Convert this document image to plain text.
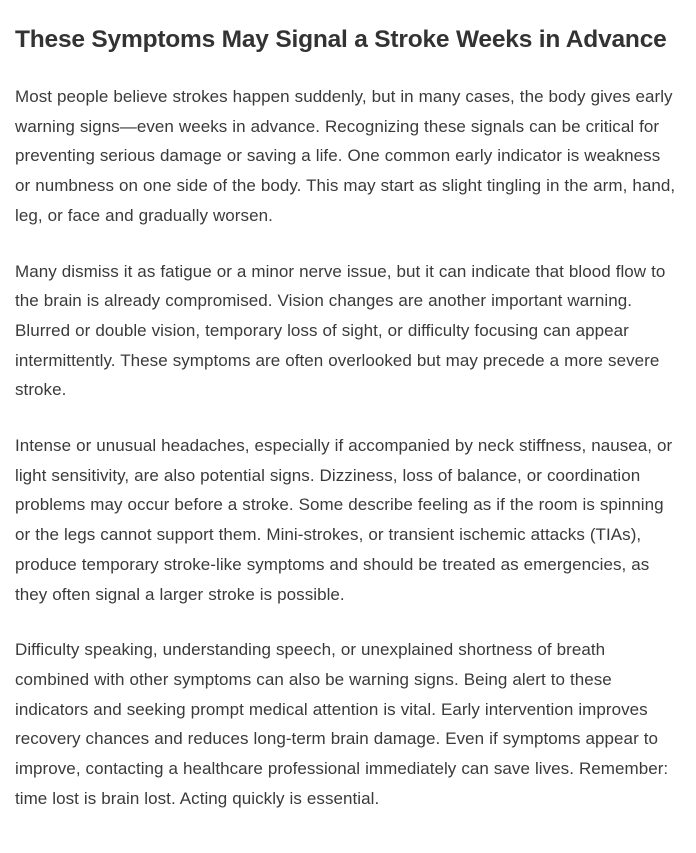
These Symptoms May Signal a Stroke Weeks in Advance

Most people believe strokes happen suddenly, but in many cases, the body gives early warning signs—even weeks in advance. Recognizing these signals can be critical for preventing serious damage or saving a life. One common early indicator is weakness or numbness on one side of the body. This may start as slight tingling in the arm, hand, leg, or face and gradually worsen.

Many dismiss it as fatigue or a minor nerve issue, but it can indicate that blood flow to the brain is already compromised. Vision changes are another important warning. Blurred or double vision, temporary loss of sight, or difficulty focusing can appear intermittently. These symptoms are often overlooked but may precede a more severe stroke.

Intense or unusual headaches, especially if accompanied by neck stiffness, nausea, or light sensitivity, are also potential signs. Dizziness, loss of balance, or coordination problems may occur before a stroke. Some describe feeling as if the room is spinning or the legs cannot support them. Mini-strokes, or transient ischemic attacks (TIAs), produce temporary stroke-like symptoms and should be treated as emergencies, as they often signal a larger stroke is possible.

Difficulty speaking, understanding speech, or unexplained shortness of breath combined with other symptoms can also be warning signs. Being alert to these indicators and seeking prompt medical attention is vital. Early intervention improves recovery chances and reduces long-term brain damage. Even if symptoms appear to improve, contacting a healthcare professional immediately can save lives. Remember: time lost is brain lost. Acting quickly is essential.
